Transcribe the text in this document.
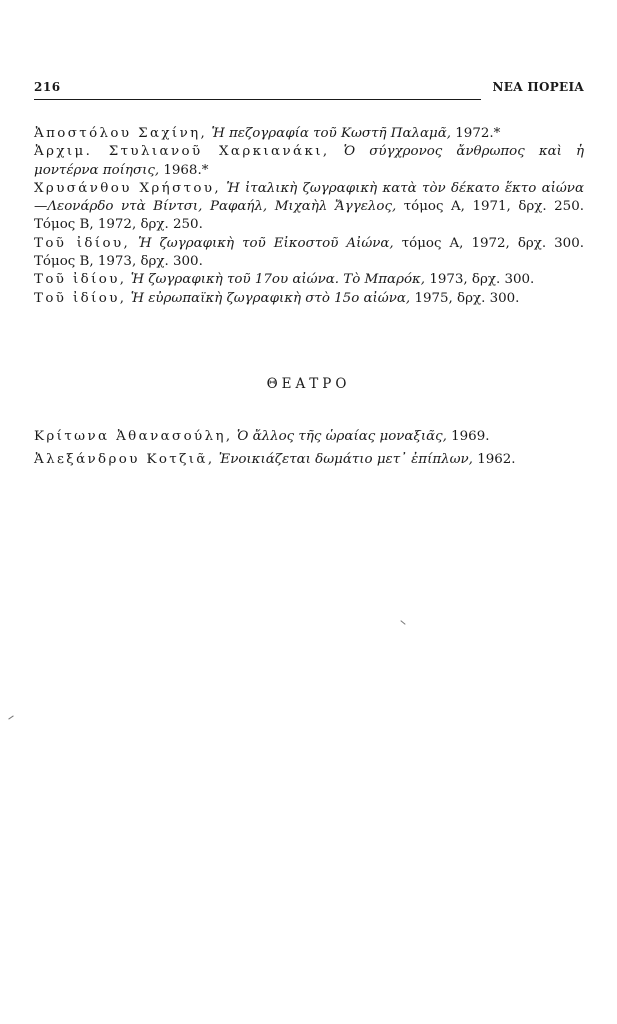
216	ΝΕΑ ΠΟΡΕΙΑ

Ἀποστόλου Σαχίνη, Ἡ πεζογραφία τοῦ Κωστῆ Παλαμᾶ, 1972.*

Ἀρχιμ. Στυλιανοῦ Χαρκιανάκι, Ὁ σύγχρονος ἄνθρωπος καὶ ἡ μοντέρνα ποίησις, 1968.*

Χρυσάνθου Χρήστου, Ἡ ἰταλικὴ ζωγραφικὴ κατὰ τὸν δέκατο ἕκτο αἰώνα—Λεονάρδο ντὰ Βίντσι, Ραφαήλ, Μιχαὴλ Ἄγγελος, τόμος Α, 1971, δρχ. 250. Τόμος Β, 1972, δρχ. 250.

Τοῦ ἰδίου, Ἡ ζωγραφικὴ τοῦ Εἰκοστοῦ Αἰώνα, τόμος Α, 1972, δρχ. 300. Τόμος Β, 1973, δρχ. 300.

Τοῦ ἰδίου, Ἡ ζωγραφικὴ τοῦ 17ου αἰώνα. Τὸ Μπαρόκ, 1973, δρχ. 300.

Τοῦ ἰδίου, Ἡ εὐρωπαϊκὴ ζωγραφικὴ στὸ 15ο αἰώνα, 1975, δρχ. 300.

ΘΕΑΤΡΟ

Κρίτωνα Ἀθανασούλη, Ὁ ἄλλος τῆς ὡραίας μοναξιᾶς, 1969.

Ἀλεξάνδρου Κοτζιᾶ, Ἐνοικιάζεται δωμάτιο μετ᾽ ἐπίπλων, 1962.
